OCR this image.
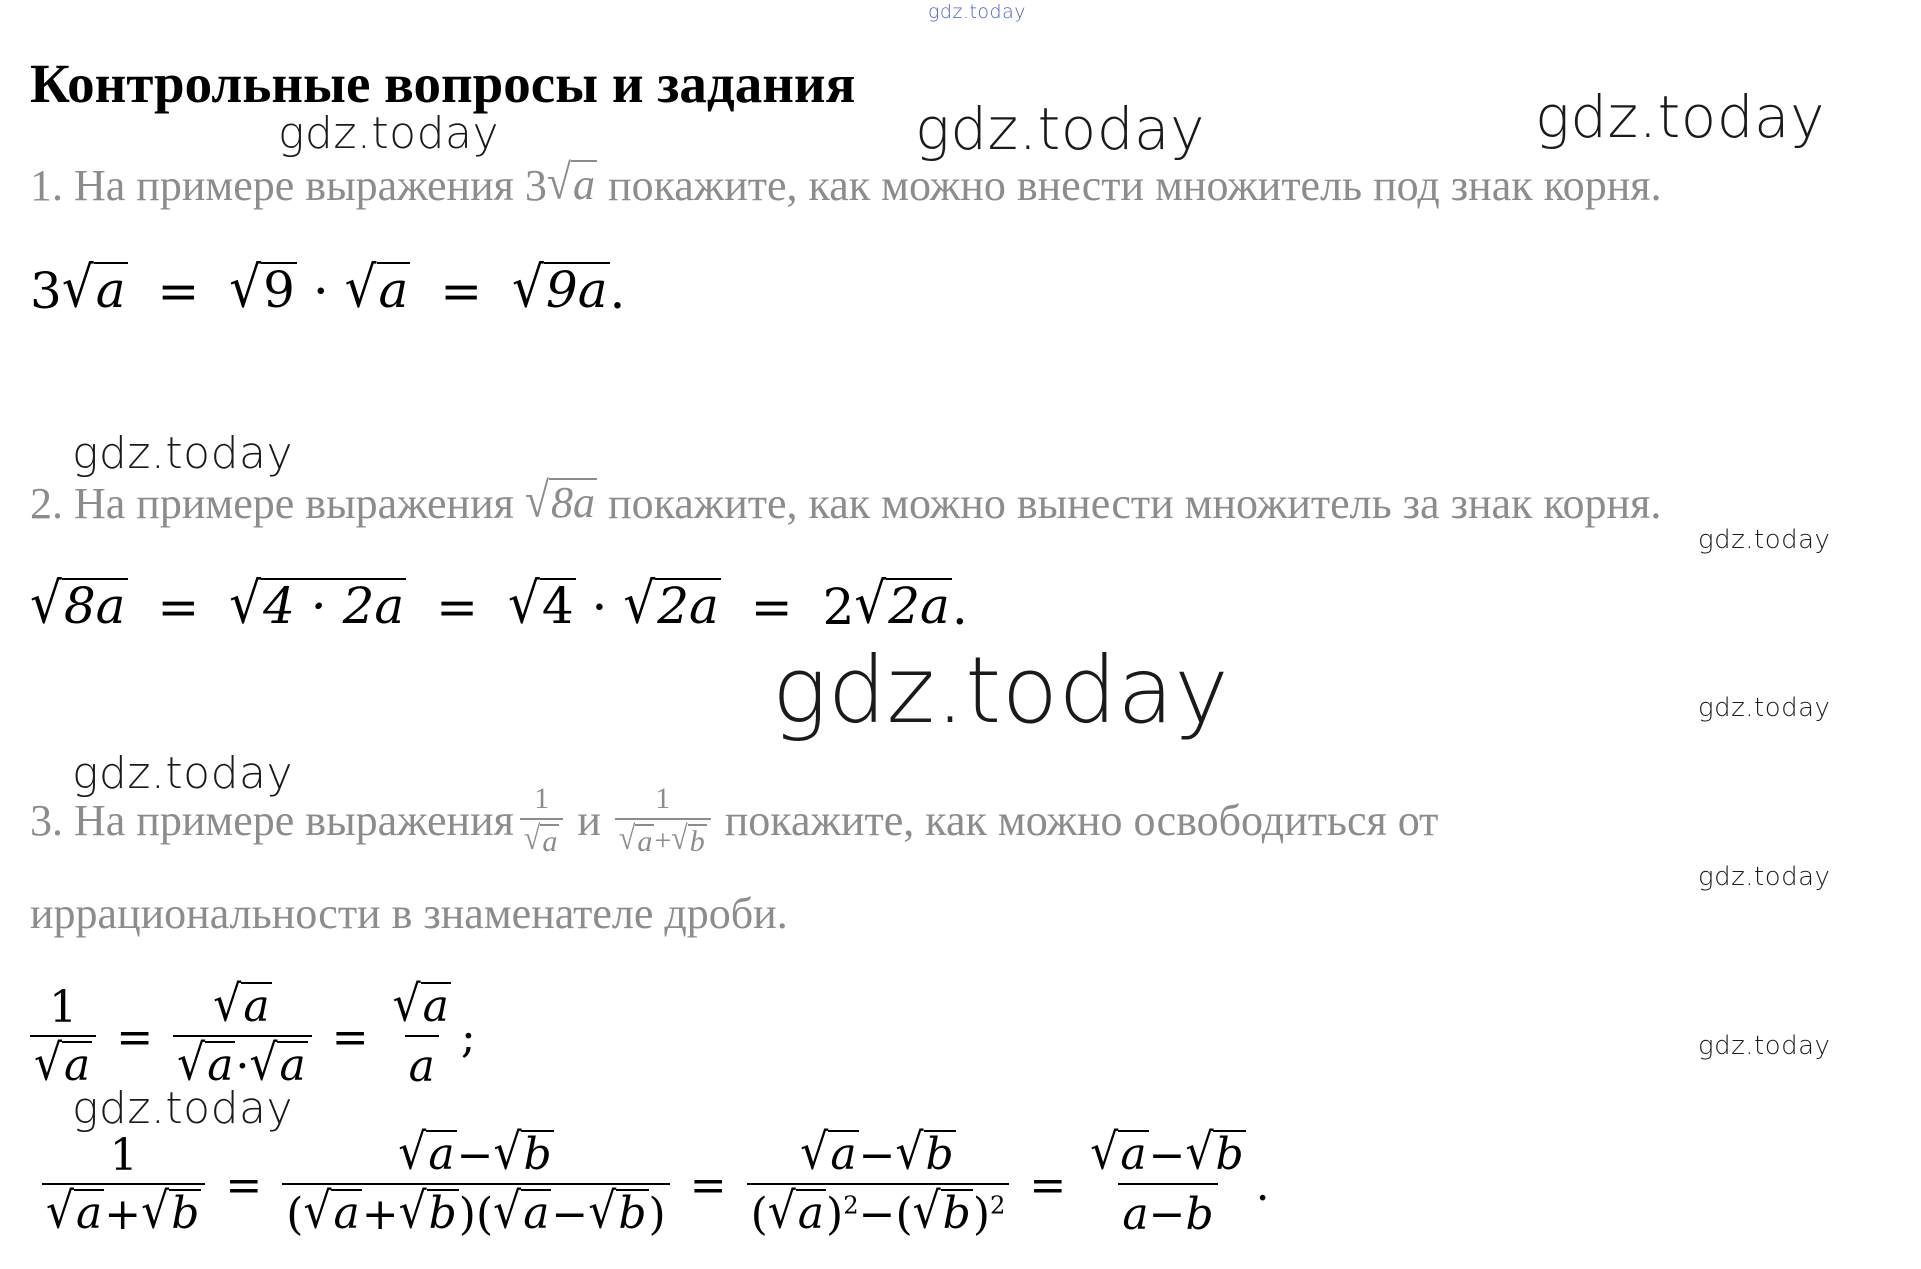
gdz.today
gdz.today	gdz.today	gdz.today
gdz.today
gdz.today
gdz.today	gdz.today
gdz.today
gdz.today
gdz.today
gdz.today
Контрольные вопросы и задания
1. На примере выражения 3 √ a покажите, как можно внести множитель под знак корня.
3 √ a = √ 9 · √ a = √ 9a .
2. На примере выражения √ 8a покажите, как можно вынести множитель за знак корня.
√ 8a = √ 4 · 2a = √ 4 · √ 2a = 2 √ 2a .
3. На примере выражения $\frac{1}{√ a}$ и $\frac{1}{√ a + √ b}$ покажите, как можно освободиться от
иррациональности в знаменателе дроби.
$\frac{1}{√ a} = \frac{√ a}{√ a \cdot √ a} = \frac{√ a}{a}$ ;
$\frac{1}{√ a + √ b} = \frac{√ a - √ b}{( √ a + √ b )( √ a - √ b )} = \frac{√ a - √ b}{( √ a )^2-( √ b )^2} = \frac{√ a - √ b}{a-b}$ .
